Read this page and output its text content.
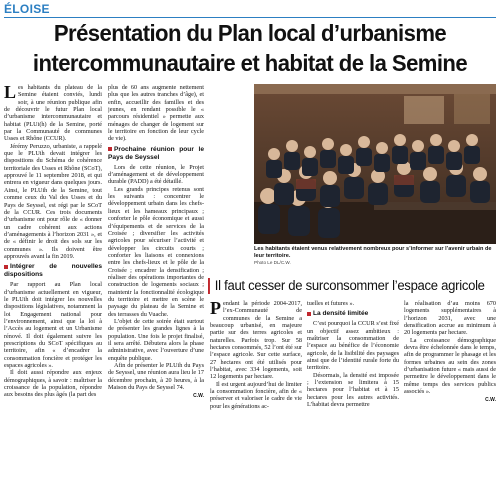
ÉLOISE
Présentation du Plan local d’urbanisme
intercommunautaire et habitat de la Semine

Les habitants du plateau de la Semine étaient conviés, lundi soir, à une réunion publique afin de découvrir le futur Plan local d’urbanisme intercommunautaire et habitat (PLUi(h) de la Semine, porté par la Communauté de communes Usses et Rhône (CCUR).

Jérémy Peruzzo, urbaniste, a rappelé que le PLUih devait intégrer les dispositions du Schéma de cohérence territoriale des Usses et Rhône (SCoT), approuvé le 11 septembre 2018, et qui entrera en vigueur dans quelques jours. Ainsi, le PLUih de la Semine, tout comme ceux du Val des Usses et du Pays de Seyssel, est régi par le SCoT de la CCUR. Ces trois documents d’urbanisme ont pour rôle de « donner un cadre cohérent aux actions d’aménagements à l’horizon 2031 », et de « définir le droit des sols sur les communes ». Ils doivent être approuvés avant la fin 2019.

Intégrer de nouvelles dispositions

Par rapport au Plan local d’urbanisme actuellement en vigueur, le PLUih doit intégrer les nouvelles dispositions législatives, notamment la loi Engagement national pour l’environnement, ainsi que la loi à l’Accès au logement et un Urbanisme rénové. Il doit également suivre les prescriptions du SCoT spécifiques au territoire, afin « d’encadrer la consommation foncière et protéger les espaces agricoles ».

Il doit aussi répondre aux enjeux démographiques, à savoir : maîtriser la croissance de la population, répondre aux besoins des plus âgés (la part des

plus de 60 ans augmente nettement plus que les autres tranches d’âge), et enfin, accueillir des familles et des jeunes, en rendant possible le « parcours résidentiel » permette aux ménages de changer de logement sur le territoire en fonction de leur cycle de vie).

Prochaine réunion pour le Pays de Seyssel

Lors de cette réunion, le Projet d’aménagement et de développement durable (PADD) a été détaillé.

Les grands principes retenus sont les suivants : concentrer le développement urbain dans les chefs-lieux et les hameaux principaux ; conforter le pôle économique et aussi d’équipements et de services de la Croisée ; diversifier les activités agricoles pour sécuriser l’activité et développer les circuits courts ; conforter les liaisons et connexions entre les chefs-lieux et le pôle de la Croisée ; encadrer la densification ; réaliser des opérations importantes de construction de logements sociaux ; maintenir la fonctionnalité écologique du territoire et mettre en scène le paysage du plateau de la Semine et des terrasses du Vuache.

L’objet de cette soirée était surtout de présenter les grandes lignes à la population. Une fois le projet finalisé, il sera arrêté. Débutera alors la phase administrative, avec l’ouverture d’une enquête publique.

Afin de présenter le PLUih du Pays de Seyssel, une réunion aura lieu le 17 décembre prochain, à 20 heures, à la Maison du Pays de Seyssel 74.

C.W.
Les habitants étaient venus relativement nombreux pour s’informer sur l’avenir urbain de leur territoire.
Photo Le DL/C.W.
Il faut cesser de surconsommer l’espace agricole

Pendant la période 2004-2017, l’ex-Communauté de communes de la Semine a beaucoup urbanisé, en majeure partie sur des terres agricoles et naturelles. Parfois trop. Sur 58 hectares consommés, 52 l’ont été sur l’espace agricole. Sur cette surface, 27 hectares ont été utilisés pour l’habitat, avec 334 logements, soit 12 logements par hectare.

Il est urgent aujourd’hui de limiter la consommation foncière, afin de « préserver et valoriser le cadre de vie pour les générations ac-

tuelles et futures ».

La densité limitée

C’est pourquoi la CCUR s’est fixé un objectif assez ambitieux : maîtriser la consommation de l’espace au bénéfice de l’économie agricole, de la lisibilité des paysages ainsi que de l’identité rurale forte du territoire.

Désormais, la densité est imposée ; l’extension se limitera à 15 hectares pour l’habitat et à 15 hectares pour les autres activités. L’habitat devra permettre

la réalisation d’au moins 670 logements supplémentaires à l’horizon 2031, avec une densification accrue au minimum à 20 logements par hectare.

La croissance démographique devra être échelonnée dans le temps, afin de programmer le phasage et les formes urbaines au sein des zones d’urbanisation future « mais aussi de permettre le développement dans le même temps des services publics associés ».

C.W.
